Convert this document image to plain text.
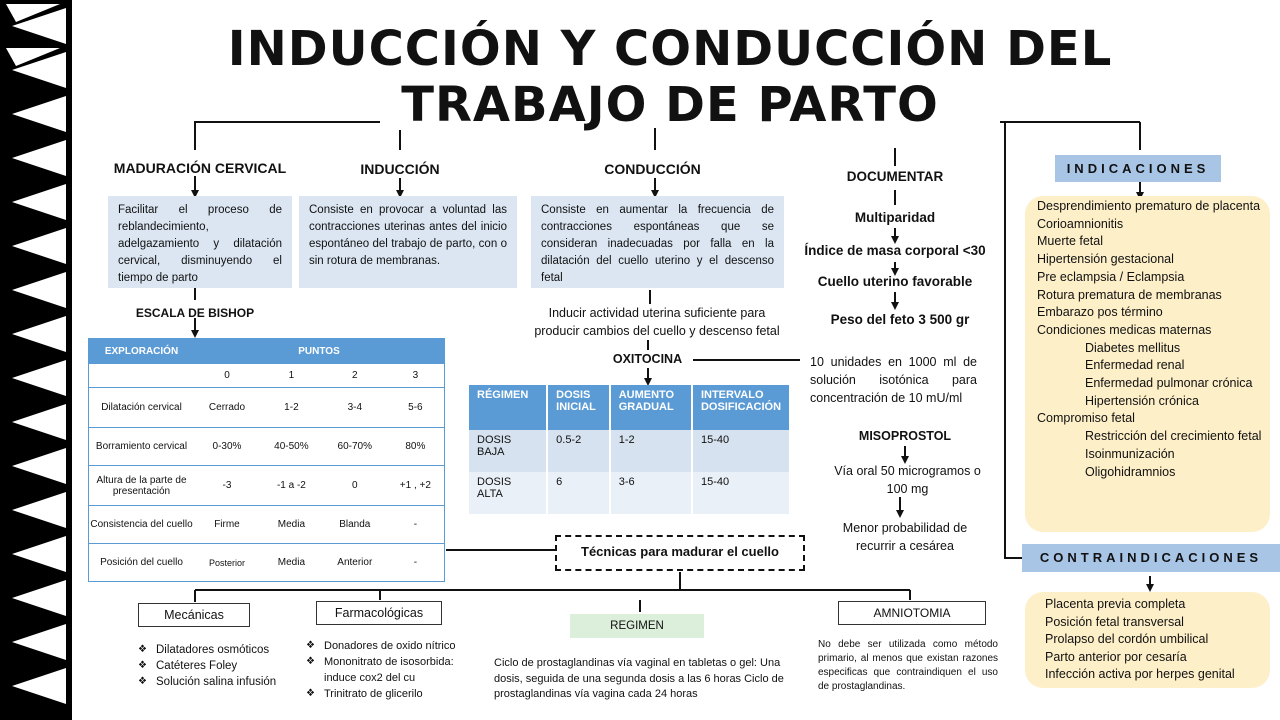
INDUCCIÓN Y CONDUCCIÓN DEL
TRABAJO DE PARTO
MADURACIÓN CERVICAL
Facilitar el proceso de reblandecimiento, adelgazamiento y dilatación cervical, disminuyendo el tiempo de parto
INDUCCIÓN
Consiste en provocar a voluntad las contracciones uterinas antes del inicio espontáneo del trabajo de parto, con o sin rotura de membranas.
CONDUCCIÓN
Consiste en aumentar la frecuencia de contracciones espontáneas que se consideran inadecuadas por falla en la dilatación del cuello uterino y el descenso fetal
Inducir actividad uterina suficiente para producir cambios del cuello y descenso fetal
ESCALA DE BISHOP
EXPLORACIÓN	PUNTOS			
	0	1	2	3
Dilatación cervical	Cerrado	1-2	3-4	5-6
Borramiento cervical	0-30%	40-50%	60-70%	80%
Altura de la parte de presentación	-3	-1 a -2	0	+1 , +2
Consistencia del cuello	Firme	Media	Blanda	-
Posición del cuello	Posterior	Media	Anterior	-
OXITOCINA
RÉGIMEN	DOSIS INICIAL	AUMENTO GRADUAL	INTERVALO DOSIFICACIÓN
DOSIS BAJA	0.5-2	1-2	15-40
DOSIS ALTA	6	3-6	15-40
10 unidades en 1000 ml de solución isotónica para concentración de 10 mU/ml
DOCUMENTAR
Multiparidad
Índice de masa corporal <30
Cuello uterino favorable
Peso del feto 3 500 gr
MISOPROSTOL
Vía oral 50 microgramos o 100 mg
Menor probabilidad de recurrir a cesárea
INDICACIONES
Desprendimiento prematuro de placenta
Corioamnionitis
Muerte fetal
Hipertensión gestacional
Pre eclampsia / Eclampsia
Rotura prematura de membranas
Embarazo pos término
Condiciones medicas maternas
Diabetes mellitus
Enfermedad renal
Enfermedad pulmonar crónica
Hipertensión crónica
Compromiso fetal
Restricción del crecimiento fetal
Isoinmunización
Oligohidramnios
CONTRAINDICACIONES
Placenta previa completa
Posición fetal transversal
Prolapso del cordón umbilical
Parto anterior por cesaría
Infección activa por herpes genital
Técnicas para madurar el cuello
Mecánicas
❖ Dilatadores osmóticos
❖ Catéteres Foley
❖ Solución salina infusión
Farmacológicas
❖ Donadores de oxido nítrico
❖ Mononitrato de isosorbida: induce cox2 del cu
❖ Trinitrato de glicerilo
REGIMEN
Ciclo de prostaglandinas vía vaginal en tabletas o gel: Una dosis, seguida de una segunda dosis a las 6 horas Ciclo de prostaglandinas vía vagina cada 24 horas
AMNIOTOMIA
No debe ser utilizada como método primario, al menos que existan razones especificas que contraindiquen el uso de prostaglandinas.
